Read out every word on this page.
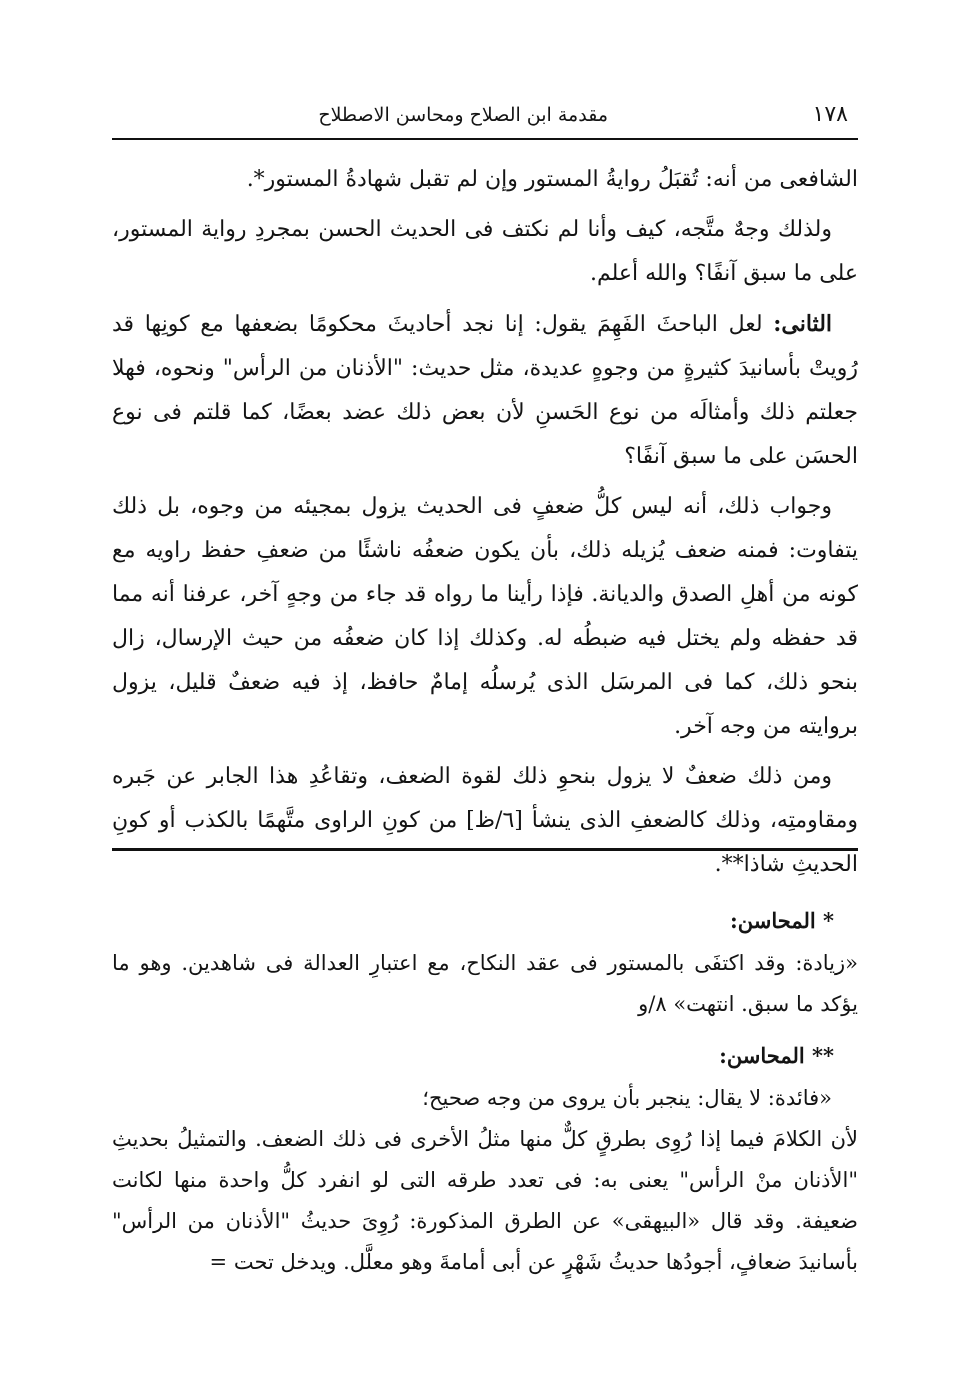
١٧٨
مقدمة ابن الصلاح ومحاسن الاصطلاح

الشافعى من أنه: تُقبَلُ روايةُ المستور وإن لم تقبل شهادةُ المستور*.

ولذلك وجهٌ متَّجه، كيف وأنا لم نكتف فى الحديث الحسن بمجردِ رواية المستور، على ما سبق آنفًا؟ والله أعلم.

الثانى: لعل الباحثَ الفَهِمَ يقول: إنا نجد أحاديثَ محكومًا بضعفها مع كونِها قد رُويتْ بأسانيدَ كثيرةٍ من وجوهٍ عديدة، مثل حديث: "الأذنان من الرأس" ونحوه، فهلا جعلتم ذلك وأمثالَه من نوع الحَسنِ لأن بعض ذلك عضد بعضًا، كما قلتم فى نوع الحسَن على ما سبق آنفًا؟

وجواب ذلك، أنه ليس كلُّ ضعفٍ فى الحديث يزول بمجيئه من وجوه، بل ذلك يتفاوت: فمنه ضعف يُزيله ذلك، بأن يكون ضعفُه ناشئًا من ضعفِ حفظ راويه مع كونه من أهلِ الصدق والديانة. فإذا رأينا ما رواه قد جاء من وجهٍ آخر، عرفنا أنه مما قد حفظه ولم يختل فيه ضبطُه له. وكذلك إذا كان ضعفُه من حيث الإرسال، زال بنحو ذلك، كما فى المرسَل الذى يُرسلُه إمامٌ حافظ، إذ فيه ضعفٌ قليل، يزول بروايته من وجه آخر.

ومن ذلك ضعفٌ لا يزول بنحوِ ذلك لقوة الضعف، وتقاعُدِ هذا الجابر عن جَبره ومقاومتِه، وذلك كالضعفِ الذى ينشأ [٦/ظ] من كونِ الراوى متَّهمًا بالكذب أو كونِ الحديثِ شاذا**.

* المحاسن:

«زيادة: وقد اكتفَى بالمستور فى عقد النكاح، مع اعتبارِ العدالة فى شاهدين. وهو ما يؤكد ما سبق. انتهت» ٨/و

** المحاسن:

«فائدة: لا يقال: ينجبر بأن يروى من وجه صحيح؛

لأن الكلامَ فيما إذا رُوِى بطرقٍ كلٌّ منها مثلُ الأخرى فى ذلك الضعف. والتمثيلُ بحديثِ "الأذنان منْ الرأس" يعنى به: فى تعدد طرقه التى لو انفرد كلُّ واحدة منها لكانت ضعيفة. وقد قال «البيهقى» عن الطرق المذكورة: رُوِىَ حديثُ "الأذنان من الرأس" بأسانيدَ ضعافٍ، أجودُها حديثُ شَهْرٍ عن أبى أمامةَ وهو معلَّل. ويدخل تحت =
